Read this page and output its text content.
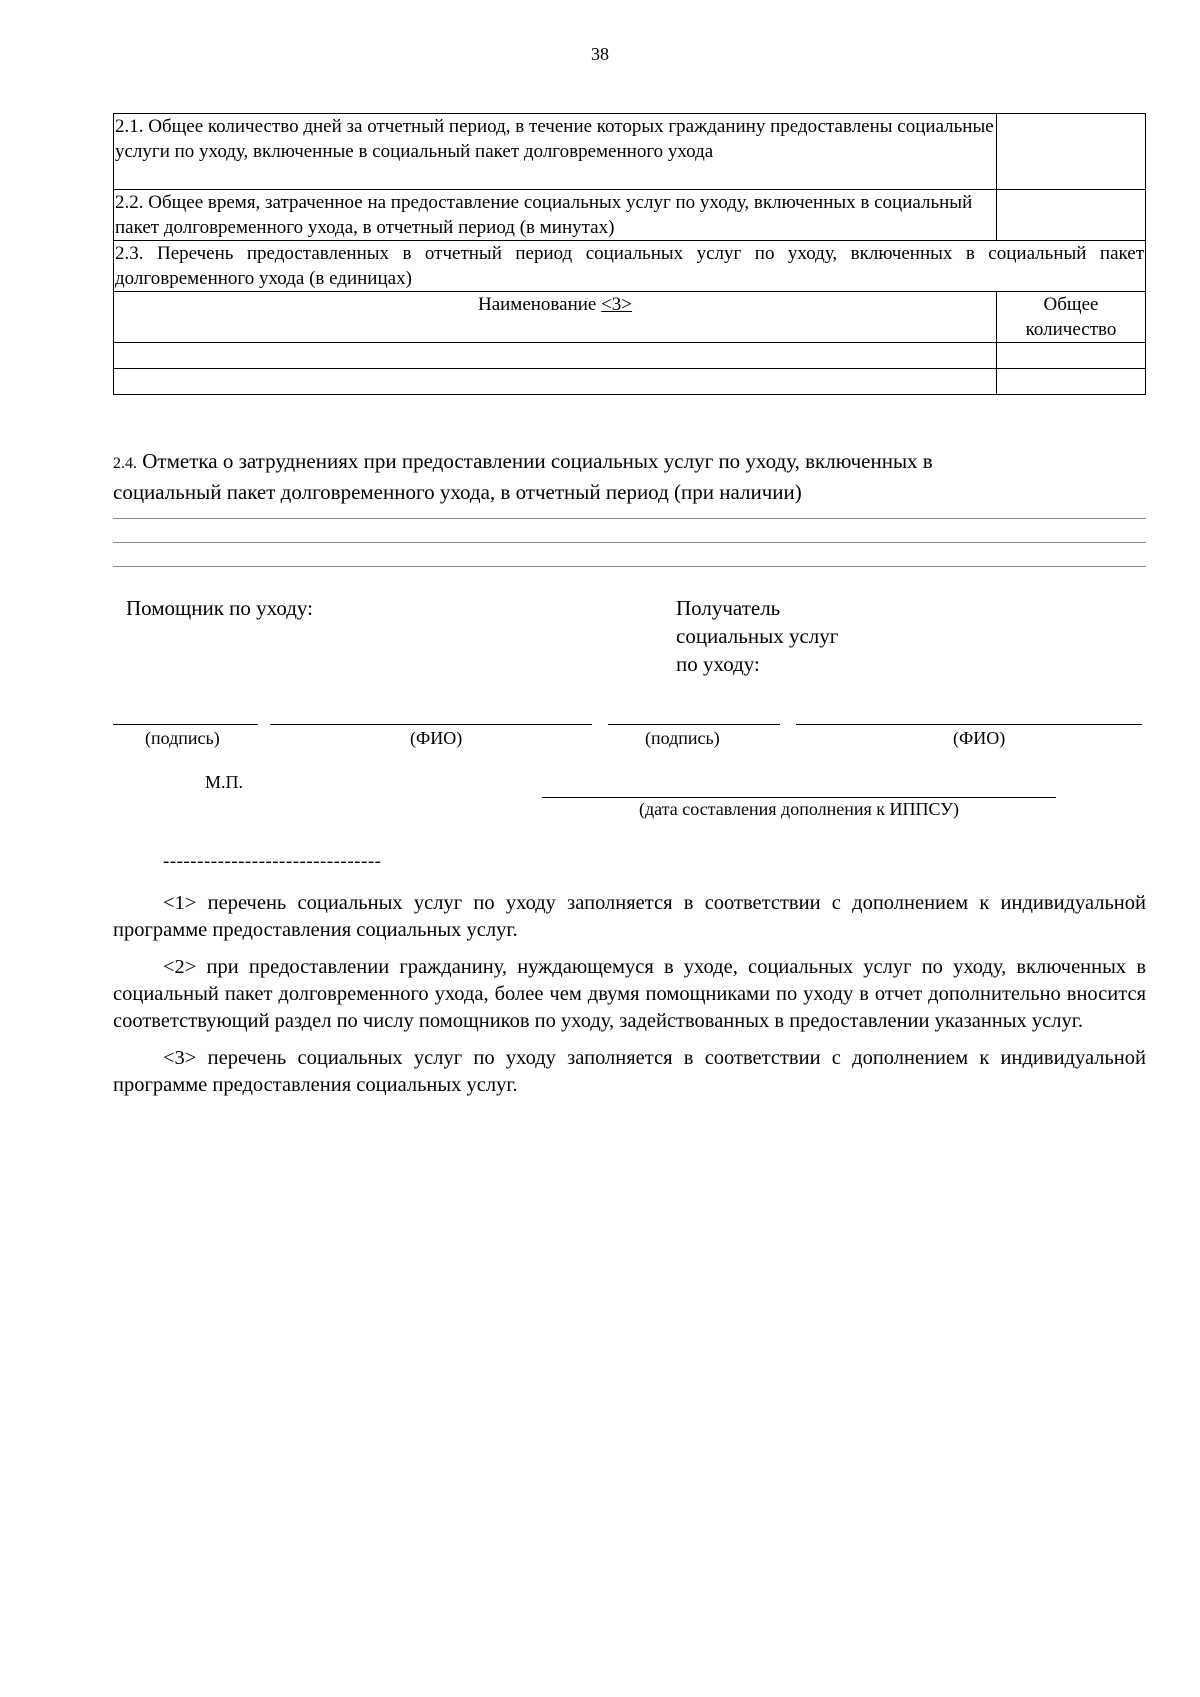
38
2.1. Общее количество дней за отчетный период, в течение которых гражданину предоставлены социальные услуги по уходу, включенные в социальный пакет долговременного ухода	
2.2. Общее время, затраченное на предоставление социальных услуг по уходу, включенных в социальный пакет долговременного ухода, в отчетный период (в минутах)	
2.3. Перечень предоставленных в отчетный период социальных услуг по уходу, включенных в социальный пакет долговременного ухода (в единицах)	
Наименование <3>	Общее
количество

2.4. Отметка о затруднениях при предоставлении социальных услуг по уходу, включенных в
социальный пакет долговременного ухода, в отчетный период (при наличии)
Помощник по уходу:	Получатель
социальных услуг
по уходу:
(подпись)	(ФИО)	(подпись)	(ФИО)
М.П.
(дата составления дополнения к ИППСУ)
--------------------------------

<1> перечень социальных услуг по уходу заполняется в соответствии с дополнением к индивидуальной программе предоставления социальных услуг.

<2> при предоставлении гражданину, нуждающемуся в уходе, социальных услуг по уходу, включенных в социальный пакет долговременного ухода, более чем двумя помощниками по уходу в отчет дополнительно вносится соответствующий раздел по числу помощников по уходу, задействованных в предоставлении указанных услуг.

<3> перечень социальных услуг по уходу заполняется в соответствии с дополнением к индивидуальной программе предоставления социальных услуг.
